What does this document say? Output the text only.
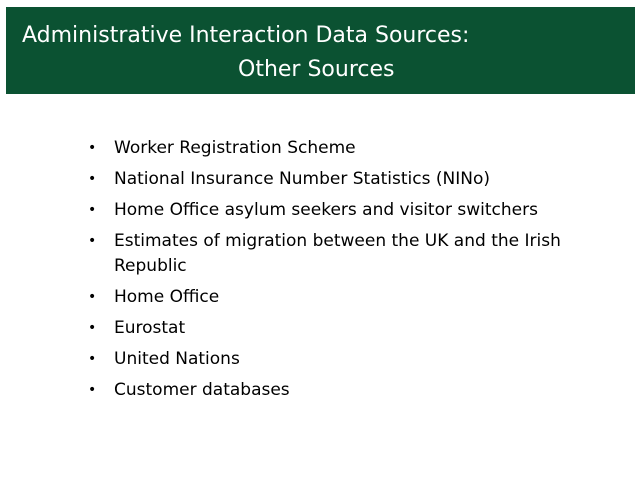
Administrative Interaction Data Sources:
Other Sources
• Worker Registration Scheme
• National Insurance Number Statistics (NINo)
• Home Office asylum seekers and visitor switchers
• Estimates of migration between the UK and the Irish Republic
• Home Office
• Eurostat
• United Nations
• Customer databases
